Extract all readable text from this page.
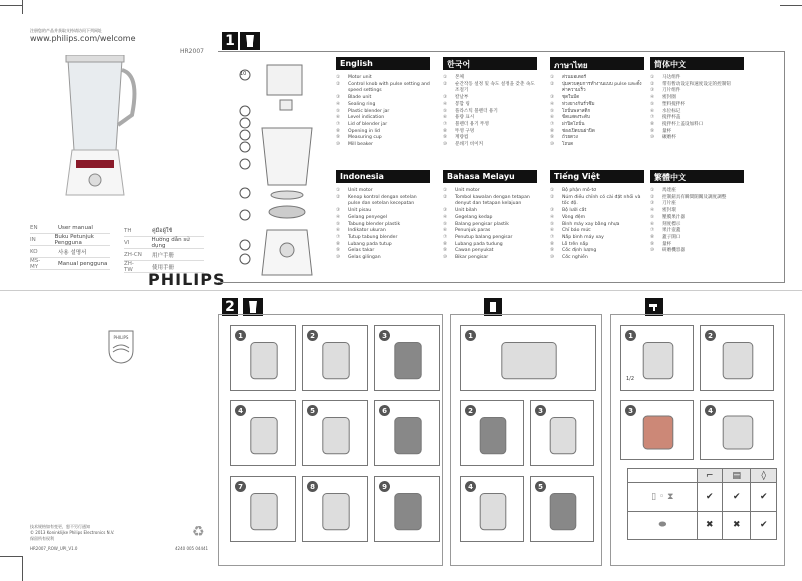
注册您的产品并获取支持请访问下列网址
www.philips.com/welcome
HR2007
EN	User manual
IN	Buku Petunjuk Pengguna
KO	사용 설명서
MS-MY	Manual pengguna
TH	คู่มือผู้ใช้
VI	Hướng dẫn sử dụng
ZH-CN 用户手册
ZH-TW	使用手冊
PHILIPS
PHILIPS
技术规格如有变更，恕不另行通知
© 2013 Koninklijke Philips Electronics N.V.
保留所有权利
HR2007_ROW_UPI_V1.0	4240 005 04441
♻
1
10
English
①	Motor unit
②	Control knob with pulse setting and speed settings
③	Blade unit
④	Sealing ring
⑤	Plastic blender jar
⑥	Level indication
⑦	Lid of blender jar
⑧	Opening in lid
⑨	Measuring cup
⑩	Mill beaker
한국어
①	본체
②	순간작동 설정 및 속도 설정을 갖춘 속도 조절기
③	칼날부
④	봉합 링
⑤	플라스틱 블렌더 용기
⑥	용량 표시
⑦	블렌더 용기 뚜껑
⑧	뚜껑 구멍
⑨	계량컵
⑩	분쇄기 비이커
ภาษาไทย
①	ส่วนมอเตอร์
②	ปุ่มควบคุมการทำงานแบบ pulse และตั้งค่าความเร็ว
③	ชุดใบมีด
④	ห่วงยางกันรั่วซึม
⑤	โถปั่นพลาสติก
⑥	ขีดแสดงระดับ
⑦	ฝาปิดโถปั่น
⑧	ช่องเปิดบนฝาปิด
⑨	ถ้วยตวง
⑩	โถบด
简体中文
①	马达组件
②	带有暂动设定和速度设定的控制钮
③	刀片组件
④	密封圈
⑤	塑料搅拌杯
⑥	水位标记
⑦	搅拌杯盖
⑧	搅拌杯上盖设加料口
⑨	量杯
⑩	碾磨杯
Indonesia
①	Unit motor
②	Kenop kontrol dengan setelan pulse dan setelan kecepatan
③	Unit pisau
④	Gelang penyegel
⑤	Tabung blender plastik
⑥	Indikator ukuran
⑦	Tutup tabung blender
⑧	Lubang pada tutup
⑨	Gelas takar
⑩	Gelas gilingan
Bahasa Melayu
①	Unit motor
②	Tombol kawalan dengan tetapan denyut dan tetapan kelajuan
③	Unit bilah
④	Gegelang kedap
⑤	Balang pengisar plastik
⑥	Penunjuk paras
⑦	Penutup balang pengisar
⑧	Lubang pada tudung
⑨	Cawan penyukat
⑩	Bikar pengisar
Tiếng Việt
①	Bộ phận mô-tơ
②	Núm điều chỉnh có cài đặt nhồi và tốc độ.
③	Bộ lưỡi cắt
④	Vòng đệm
⑤	Bình máy xay bằng nhựa
⑥	Chỉ báo mức
⑦	Nắp bình máy xay
⑧	Lỗ trên nắp
⑨	Cốc định lượng
⑩	Cốc nghiền
繁體中文
①	馬達座
②	控制鈕具有瞬間開關及調度調整
③	刀片座
④	密封環
⑤	壓膜果汁器
⑥	刻度標示
⑦	果汁壺蓋
⑧	蓋子開口
⑨	量杯
⑩	研磨機容器
2
1	2	3
4	5	6
7	8	9
1
2	3
4	5
1	2
3	4
1/2
	⌐	▤	◊
▯ ◦ ⧗	✔	✔	✔
⬬	✖	✖	✔
